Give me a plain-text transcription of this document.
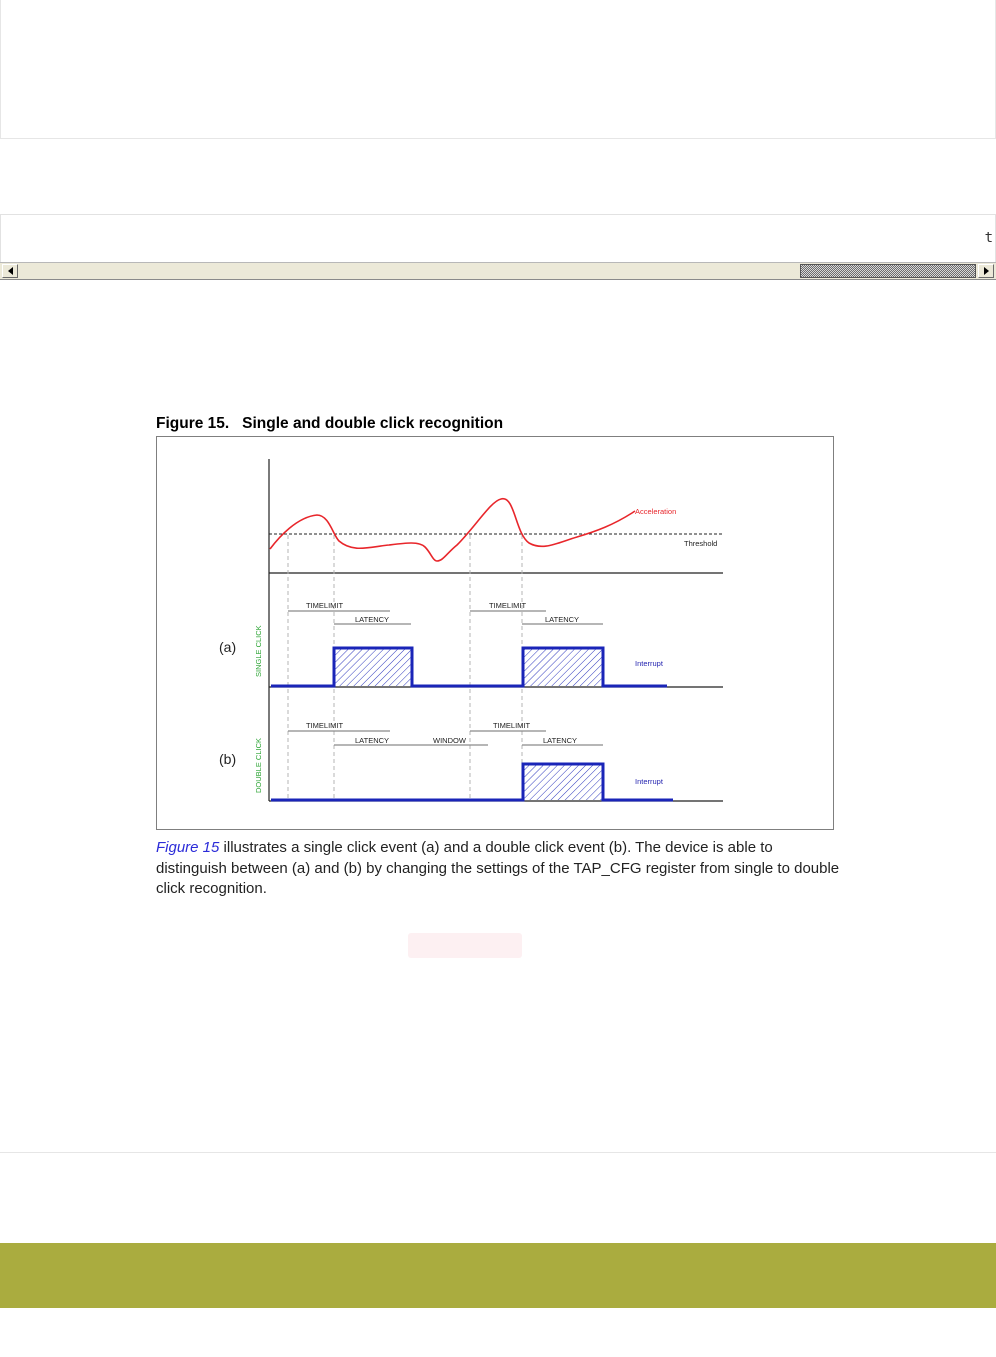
t
Figure 15. Single and double click recognition
Threshold
Acceleration
(a) SINGLE CLICK
TIMELIMIT
LATENCY
TIMELIMIT
LATENCY
Interrupt
(b) DOUBLE CLICK
TIMELIMIT
LATENCY	WINDOW
TIMELIMIT
LATENCY
Interrupt
Figure 15 illustrates a single click event (a) and a double click event (b). The device is able to distinguish between (a) and (b) by changing the settings of the TAP_CFG register from single to double click recognition.
